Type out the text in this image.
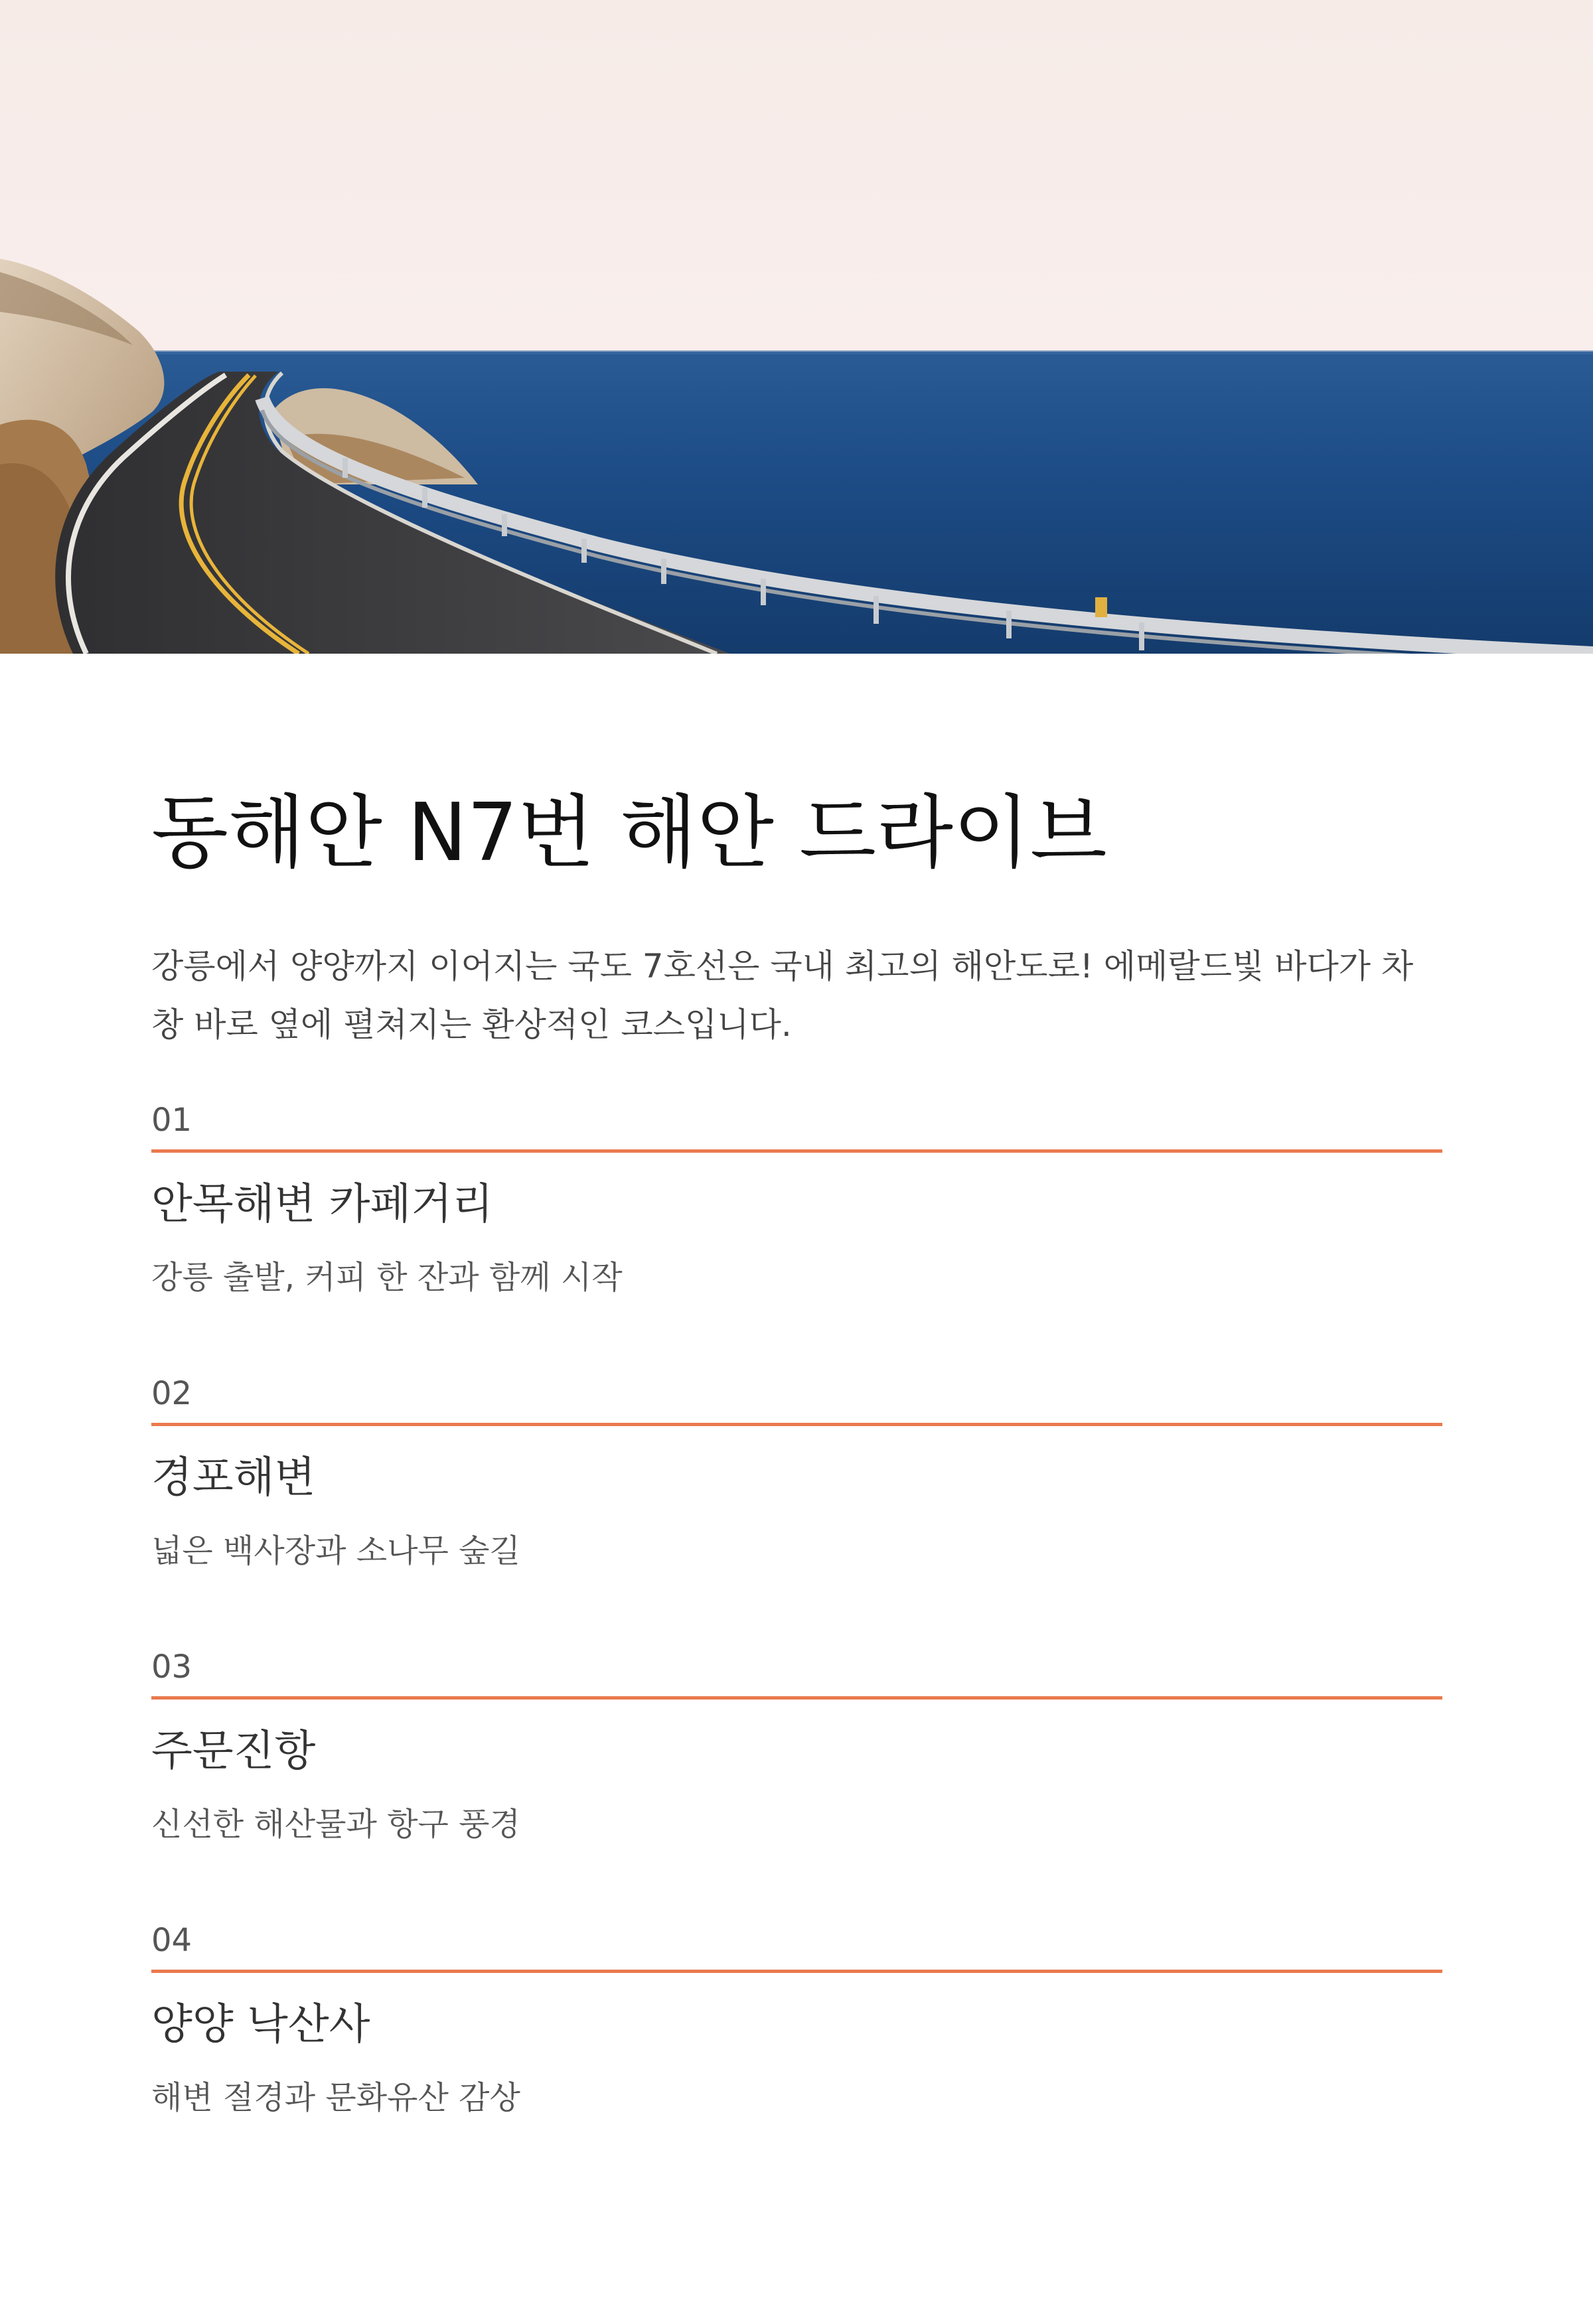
동해안 N7번 해안 드라이브

강릉에서 양양까지 이어지는 국도 7호선은 국내 최고의 해안도로! 에메랄드빛 바다가 차창 바로 옆에 펼쳐지는 환상적인 코스입니다.

01
안목해변 카페거리
강릉 출발, 커피 한 잔과 함께 시작
02
경포해변
넓은 백사장과 소나무 숲길
03
주문진항
신선한 해산물과 항구 풍경
04
양양 낙산사
해변 절경과 문화유산 감상
